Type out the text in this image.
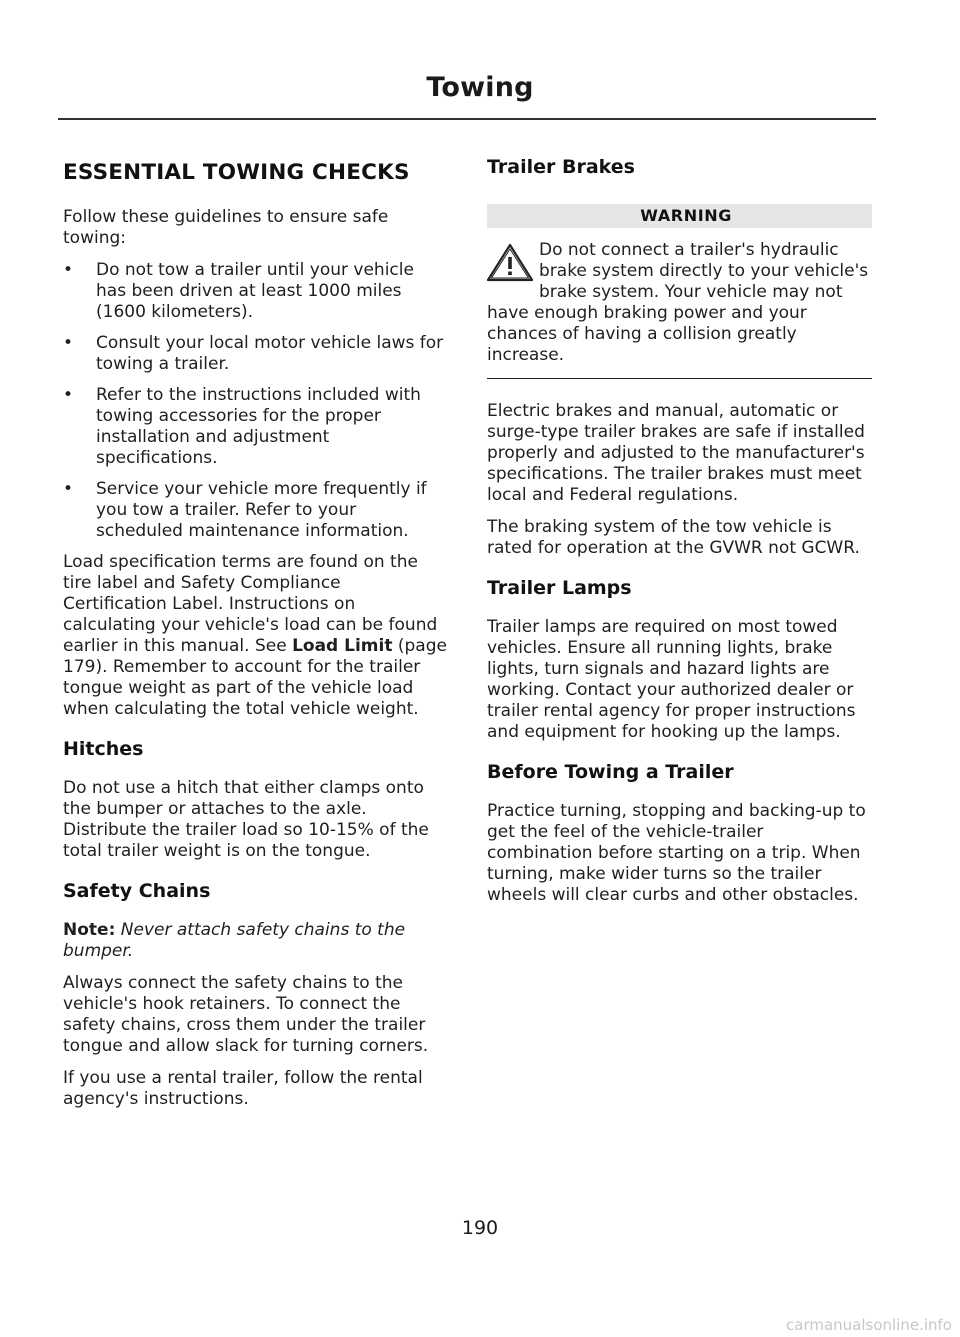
Towing
ESSENTIAL TOWING CHECKS

Follow these guidelines to ensure safe towing:

• Do not tow a trailer until your vehicle has been driven at least 1000 miles (1600 kilometers).
• Consult your local motor vehicle laws for towing a trailer.
• Refer to the instructions included with towing accessories for the proper installation and adjustment specifications.
• Service your vehicle more frequently if you tow a trailer. Refer to your scheduled maintenance information.

Load specification terms are found on the tire label and Safety Compliance Certification Label. Instructions on calculating your vehicle's load can be found earlier in this manual. See Load Limit (page 179). Remember to account for the trailer tongue weight as part of the vehicle load when calculating the total vehicle weight.

Hitches

Do not use a hitch that either clamps onto the bumper or attaches to the axle. Distribute the trailer load so 10-15% of the total trailer weight is on the tongue.

Safety Chains

Note: Never attach safety chains to the bumper.

Always connect the safety chains to the vehicle's hook retainers. To connect the safety chains, cross them under the trailer tongue and allow slack for turning corners.

If you use a rental trailer, follow the rental agency's instructions.

Trailer Brakes
WARNING
Do not connect a trailer's hydraulic brake system directly to your vehicle's brake system. Your vehicle may not have enough braking power and your chances of having a collision greatly increase.

Electric brakes and manual, automatic or surge-type trailer brakes are safe if installed properly and adjusted to the manufacturer's specifications. The trailer brakes must meet local and Federal regulations.

The braking system of the tow vehicle is rated for operation at the GVWR not GCWR.

Trailer Lamps

Trailer lamps are required on most towed vehicles. Ensure all running lights, brake lights, turn signals and hazard lights are working. Contact your authorized dealer or trailer rental agency for proper instructions and equipment for hooking up the lamps.

Before Towing a Trailer

Practice turning, stopping and backing-up to get the feel of the vehicle-trailer combination before starting on a trip. When turning, make wider turns so the trailer wheels will clear curbs and other obstacles.

190
carmanualsonline.info
